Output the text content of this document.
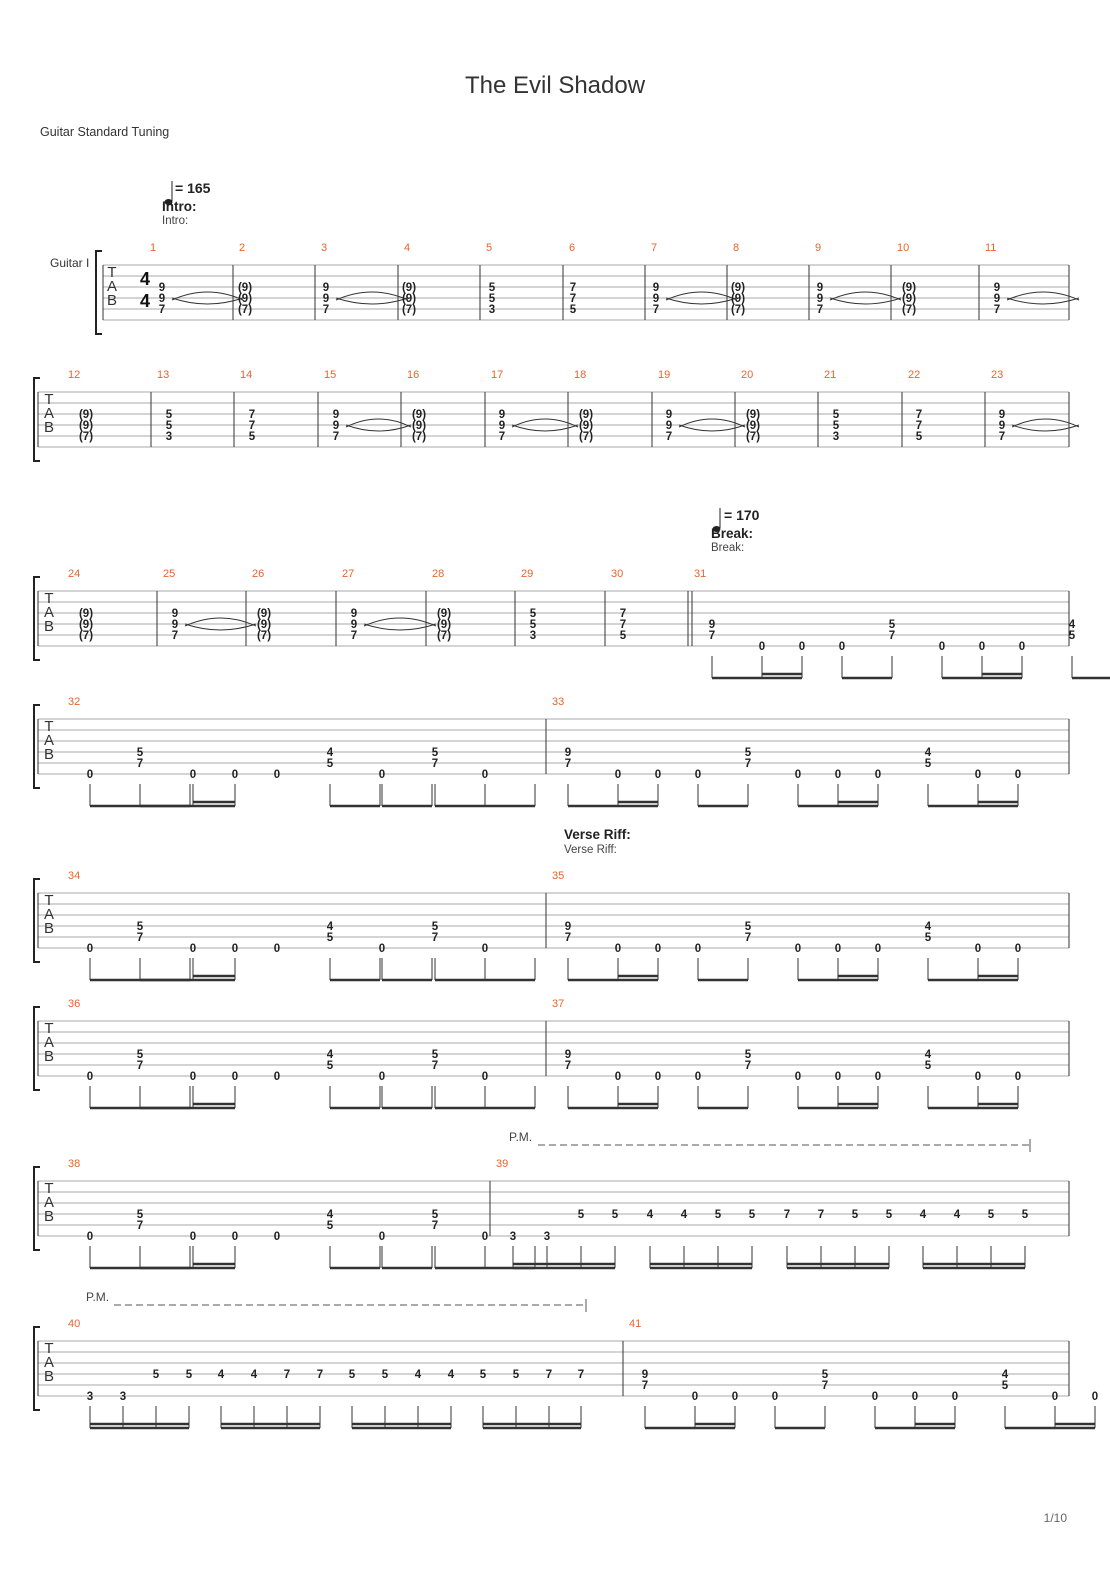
The Evil Shadow
Guitar Standard Tuning
Guitar I
= 165
Intro:
Intro:
= 170
Break:
Break:
Verse Riff:
Verse Riff:
P.M.
P.M.
1/10
T
A
B
4
4
1
9
9
7
2
(9)
(9)
(7)
3
9
9
7
4
(9)
(9)
(7)
5
5
5
3
6
7
7
5
7
9
9
7
8
(9)
(9)
(7)
9
9
9
7
10
(9)
(9)
(7)
11
9
9
7
T
A
B
12
(9)
(9)
(7)
13
5
5
3
14
7
7
5
15
9
9
7
16
(9)
(9)
(7)
17
9
9
7
18
(9)
(9)
(7)
19
9
9
7
20
(9)
(9)
(7)
21
5
5
3
22
7
7
5
23
9
9
7
T
A
B
24
(9)
(9)
(7)
25
9
9
7
26
(9)
(9)
(7)
27
9
9
7
28
(9)
(9)
(7)
29
5
5
3
30
7
7
5
31
9
7
0	0	0
5
7
0	0	0
4
5
T
A
B
32
5
7
0	0	0	0
4
5
0
5
7
0
33
9
7
0	0	0
5
7
0	0	0
4
5
0	0
T
A
B
34
5
7
0	0	0	0
4
5
0
5
7
0
35
9
7
0	0	0
5
7
0	0	0
4
5
0	0
T
A
B
36
5
7
0	0	0	0
4
5
0
5
7
0
37
9
7
0	0	0
5
7
0	0	0
4
5
0	0
T
A
B
38
5
7
0	0	0	0
4
5
0
5
7
0
39
3 3
5 5 4 4 5 5 7 7 5 5 4 4 5 5
T
A
B
40
3 3
5 5 4 4 7 7 5 5 4 4 5 5 7 7
41
9
7
0	0	0
5
7
0	0	0
4
5
0	0
